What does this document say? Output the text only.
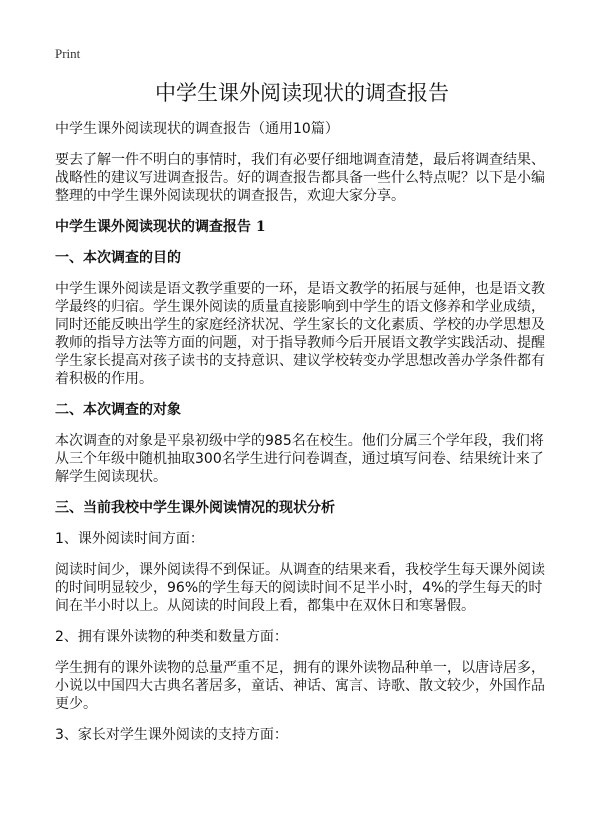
Print
中学生课外阅读现状的调查报告

中学生课外阅读现状的调查报告（通用10篇）

要去了解一件不明白的事情时，我们有必要仔细地调查清楚，最后将调查结果、战略性的建议写进调查报告。好的调查报告都具备一些什么特点呢？以下是小编整理的中学生课外阅读现状的调查报告，欢迎大家分享。

中学生课外阅读现状的调查报告 1

一、本次调查的目的

中学生课外阅读是语文教学重要的一环，是语文教学的拓展与延伸，也是语文教学最终的归宿。学生课外阅读的质量直接影响到中学生的语文修养和学业成绩，同时还能反映出学生的家庭经济状况、学生家长的文化素质、学校的办学思想及教师的指导方法等方面的问题，对于指导教师今后开展语文教学实践活动、提醒学生家长提高对孩子读书的支持意识、建议学校转变办学思想改善办学条件都有着积极的作用。

二、本次调查的对象

本次调查的对象是平泉初级中学的985名在校生。他们分属三个学年段，我们将从三个年级中随机抽取300名学生进行问卷调查，通过填写问卷、结果统计来了解学生阅读现状。

三、当前我校中学生课外阅读情况的现状分析

1、课外阅读时间方面：

阅读时间少，课外阅读得不到保证。从调查的结果来看，我校学生每天课外阅读的时间明显较少，96%的学生每天的阅读时间不足半小时，4%的学生每天的时间在半小时以上。从阅读的时间段上看，都集中在双休日和寒暑假。

2、拥有课外读物的种类和数量方面：

学生拥有的课外读物的总量严重不足，拥有的课外读物品种单一，以唐诗居多，小说以中国四大古典名著居多，童话、神话、寓言、诗歌、散文较少，外国作品更少。

3、家长对学生课外阅读的支持方面：
